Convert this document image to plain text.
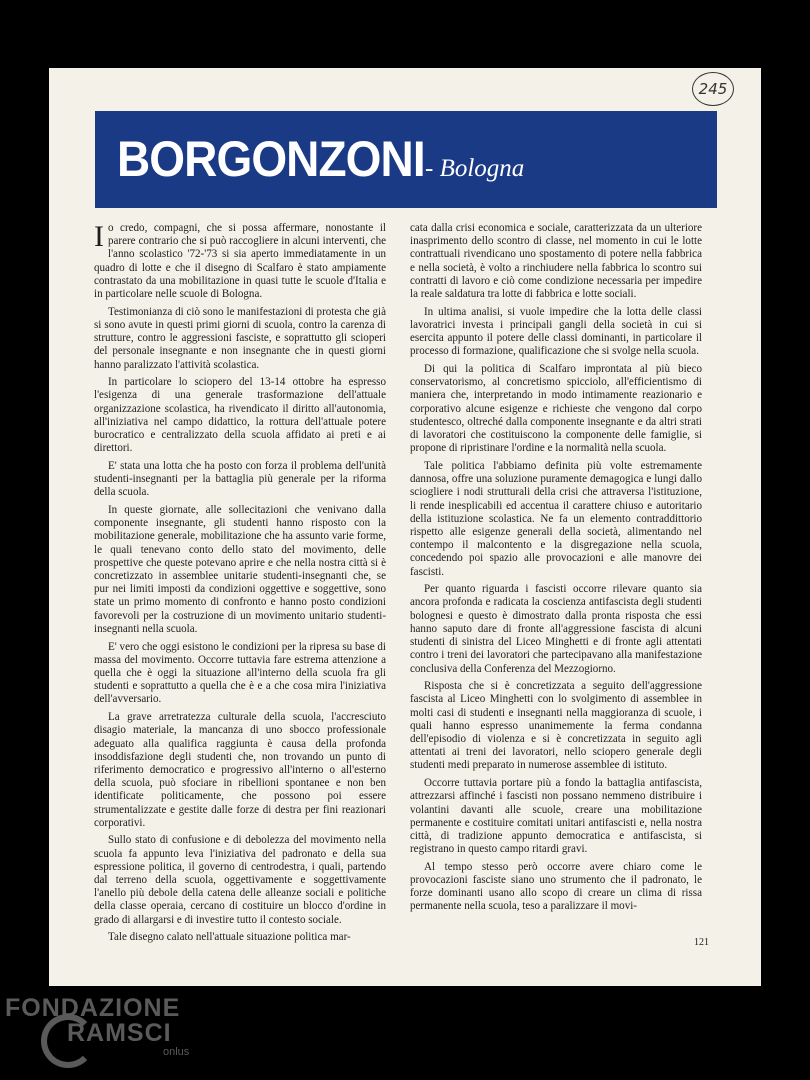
245
BORGONZONI - Bologna

Io credo, compagni, che si possa affermare, nonostante il parere contrario che si può raccogliere in alcuni interventi, che l'anno scolastico '72-'73 si sia aperto immediatamente in un quadro di lotte e che il disegno di Scalfaro è stato ampiamente contrastato da una mobilitazione in quasi tutte le scuole d'Italia e in particolare nelle scuole di Bologna.

Testimonianza di ciò sono le manifestazioni di protesta che già si sono avute in questi primi giorni di scuola, contro la carenza di strutture, contro le aggressioni fasciste, e soprattutto gli scioperi del personale insegnante e non insegnante che in questi giorni hanno paralizzato l'attività scolastica.

In particolare lo sciopero del 13-14 ottobre ha espresso l'esigenza di una generale trasformazione dell'attuale organizzazione scolastica, ha rivendicato il diritto all'autonomia, all'iniziativa nel campo didattico, la rottura dell'attuale potere burocratico e centralizzato della scuola affidato ai preti e ai direttori.

E' stata una lotta che ha posto con forza il problema dell'unità studenti-insegnanti per la battaglia più generale per la riforma della scuola.

In queste giornate, alle sollecitazioni che venivano dalla componente insegnante, gli studenti hanno risposto con la mobilitazione generale, mobilitazione che ha assunto varie forme, le quali tenevano conto dello stato del movimento, delle prospettive che queste potevano aprire e che nella nostra città si è concretizzato in assemblee unitarie studenti-insegnanti che, se pur nei limiti imposti da condizioni oggettive e soggettive, sono state un primo momento di confronto e hanno posto condizioni favorevoli per la costruzione di un movimento unitario studenti-insegnanti nella scuola.

E' vero che oggi esistono le condizioni per la ripresa su base di massa del movimento. Occorre tuttavia fare estrema attenzione a quella che è oggi la situazione all'interno della scuola fra gli studenti e soprattutto a quella che è e a che cosa mira l'iniziativa dell'avversario.

La grave arretratezza culturale della scuola, l'accresciuto disagio materiale, la mancanza di uno sbocco professionale adeguato alla qualifica raggiunta è causa della profonda insoddisfazione degli studenti che, non trovando un punto di riferimento democratico e progressivo all'interno o all'esterno della scuola, può sfociare in ribellioni spontanee e non ben identificate politicamente, che possono poi essere strumentalizzate e gestite dalle forze di destra per fini reazionari corporativi.

Sullo stato di confusione e di debolezza del movimento nella scuola fa appunto leva l'iniziativa del padronato e della sua espressione politica, il governo di centrodestra, i quali, partendo dal terreno della scuola, oggettivamente e soggettivamente l'anello più debole della catena delle alleanze sociali e politiche della classe operaia, cercano di costituire un blocco d'ordine in grado di allargarsi e di investire tutto il contesto sociale.

Tale disegno calato nell'attuale situazione politica mar-

cata dalla crisi economica e sociale, caratterizzata da un ulteriore inasprimento dello scontro di classe, nel momento in cui le lotte contrattuali rivendicano uno spostamento di potere nella fabbrica e nella società, è volto a rinchiudere nella fabbrica lo scontro sui contratti di lavoro e ciò come condizione necessaria per impedire la reale saldatura tra lotte di fabbrica e lotte sociali.

In ultima analisi, si vuole impedire che la lotta delle classi lavoratrici investa i principali gangli della società in cui si esercita appunto il potere delle classi dominanti, in particolare il processo di formazione, qualificazione che si svolge nella scuola.

Di qui la politica di Scalfaro improntata al più bieco conservatorismo, al concretismo spicciolo, all'efficientismo di maniera che, interpretando in modo intimamente reazionario e corporativo alcune esigenze e richieste che vengono dal corpo studentesco, oltreché dalla componente insegnante e da altri strati di lavoratori che costituiscono la componente delle famiglie, si propone di ripristinare l'ordine e la normalità nella scuola.

Tale politica l'abbiamo definita più volte estremamente dannosa, offre una soluzione puramente demagogica e lungi dallo sciogliere i nodi strutturali della crisi che attraversa l'istituzione, li rende inesplicabili ed accentua il carattere chiuso e autoritario della istituzione scolastica. Ne fa un elemento contraddittorio rispetto alle esigenze generali della società, alimentando nel contempo il malcontento e la disgregazione nella scuola, concedendo poi spazio alle provocazioni e alle manovre dei fascisti.

Per quanto riguarda i fascisti occorre rilevare quanto sia ancora profonda e radicata la coscienza antifascista degli studenti bolognesi e questo è dimostrato dalla pronta risposta che essi hanno saputo dare di fronte all'aggressione fascista di alcuni studenti di sinistra del Liceo Minghetti e di fronte agli attentati contro i treni dei lavoratori che partecipavano alla manifestazione conclusiva della Conferenza del Mezzogiorno.

Risposta che si è concretizzata a seguito dell'aggressione fascista al Liceo Minghetti con lo svolgimento di assemblee in molti casi di studenti e insegnanti nella maggioranza di scuole, i quali hanno espresso unanimemente la ferma condanna dell'episodio di violenza e si è concretizzata in seguito agli attentati ai treni dei lavoratori, nello sciopero generale degli studenti medi preparato in numerose assemblee di istituto.

Occorre tuttavia portare più a fondo la battaglia antifascista, attrezzarsi affinché i fascisti non possano nemmeno distribuire i volantini davanti alle scuole, creare una mobilitazione permanente e costituire comitati unitari antifascisti e, nella nostra città, di tradizione appunto democratica e antifascista, si registrano in questo campo ritardi gravi.

Al tempo stesso però occorre avere chiaro come le provocazioni fasciste siano uno strumento che il padronato, le forze dominanti usano allo scopo di creare un clima di rissa permanente nella scuola, teso a paralizzare il movi-

121
FONDAZIONE
RAMSCI
onlus
